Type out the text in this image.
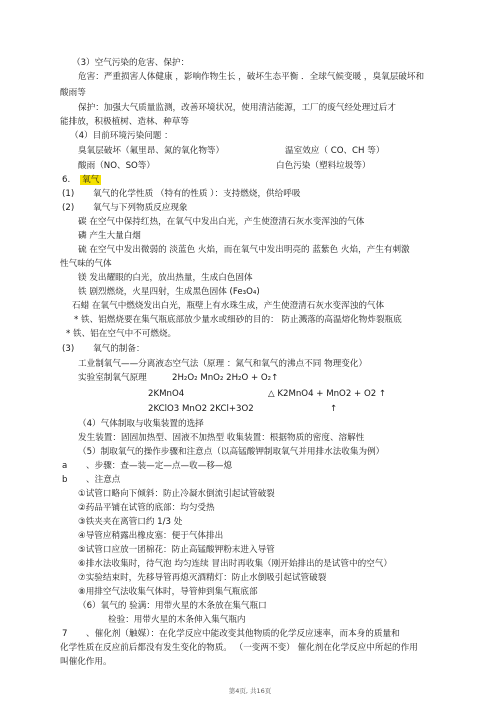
（3）空气污染的危害、保护：
危害：严重损害人体健康 ，影响作物生长 ，破坏生态平衡 ．全球气候变暖 ，臭氧层破坏和
酸雨等
保护：加强大气质量监测，改善环境状况，使用清洁能源，工厂的废气经处理过后才
能排放，积极植树、造林、种草等
（4）目前环境污染问题 ：
臭氧层破坏（氟里昂、氮的氧化物等）	温室效应（ CO、CH 等）
酸雨（NO、SO等）	白色污染（塑料垃圾等）
6. 氧气
(1) 氧气的化学性质 （特有的性质 ）：支持燃烧，供给呼吸
(2) 氧气与下列物质反应现象
碳 在空气中保持红热，在氧气中发出白光，产生使澄清石灰水变浑浊的气体
磷 产生大量白烟
硫 在空气中发出微弱的 淡蓝色 火焰，而在氧气中发出明亮的 蓝紫色 火焰，产生有刺激
性气味的气体
镁 发出耀眼的白光，放出热量，生成白色固体
铁 剧烈燃烧，火星四射，生成黑色固体 (Fe₃O₄)
石蜡 在氧气中燃烧发出白光，瓶壁上有水珠生成，产生使澄清石灰水变浑浊的气体
* 铁、铝燃烧要在集气瓶底部放少量水或细砂的目的： 防止溅落的高温熔化物炸裂瓶底
* 铁、铝在空气中不可燃烧。
(3) 氧气的制备：
工业制氧气——分离液态空气法（原理 ：氮气和氧气的沸点不同 物理变化）
实验室制氧气原理	2H₂O₂ MnO₂ 2H₂O + O₂↑
2KMnO4	△ K2MnO4 + MnO2 + O2 ↑
2KClO3 MnO2 2KCl+3O2	↑
（4）气体制取与收集装置的选择
发生装置：固固加热型、固液不加热型 收集装置：根据物质的密度、溶解性
（5）制取氧气的操作步骤和注意点（以高锰酸钾制取氧气并用排水法收集为例）
a 、步骤：查—装—定—点—收—移—熄
b 、注意点
①试管口略向下倾斜：防止冷凝水倒流引起试管破裂
②药品平铺在试管的底部：均匀受热
③铁夹夹在离管口约 1/3 处
④导管应稍露出橡皮塞：便于气体排出
⑤试管口应放一团棉花：防止高锰酸钾粉末进入导管
⑥排水法收集时，待气泡 均匀连续 冒出时再收集（刚开始排出的是试管中的空气）
⑦实验结束时，先移导管再熄灭酒精灯：防止水倒吸引起试管破裂
⑧用排空气法收集气体时，导管伸到集气瓶底部
（6）氧气的 验满：用带火星的木条放在集气瓶口
检验：用带火星的木条伸入集气瓶内
7 、催化剂（触媒）：在化学反应中能改变其他物质的化学反应速率，而本身的质量和
化学性质在反应前后都没有发生变化的物质。 （一变两不变） 催化剂在化学反应中所起的作用
叫催化作用。
第4页, 共16页
